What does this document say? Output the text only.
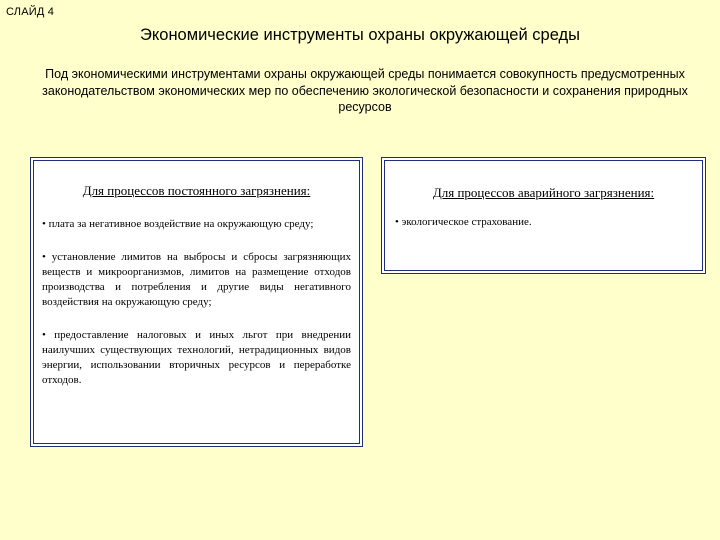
СЛАЙД 4
Экономические инструменты охраны окружающей среды
Под экономическими инструментами охраны окружающей среды понимается совокупность предусмотренных законодательством экономических мер по обеспечению экологической безопасности и сохранения природных ресурсов
Для процессов постоянного загрязнения:
• плата за негативное воздействие на окружающую среду;
• установление лимитов на выбросы и сбросы загрязняющих веществ и микроорганизмов, лимитов на размещение отходов производства и потребления и другие виды негативного воздействия на окружающую среду;
• предоставление налоговых и иных льгот при внедрении наилучших существующих технологий, нетрадиционных видов энергии, использовании вторичных ресурсов и переработке отходов.
Для процессов аварийного загрязнения:
• экологическое страхование.
